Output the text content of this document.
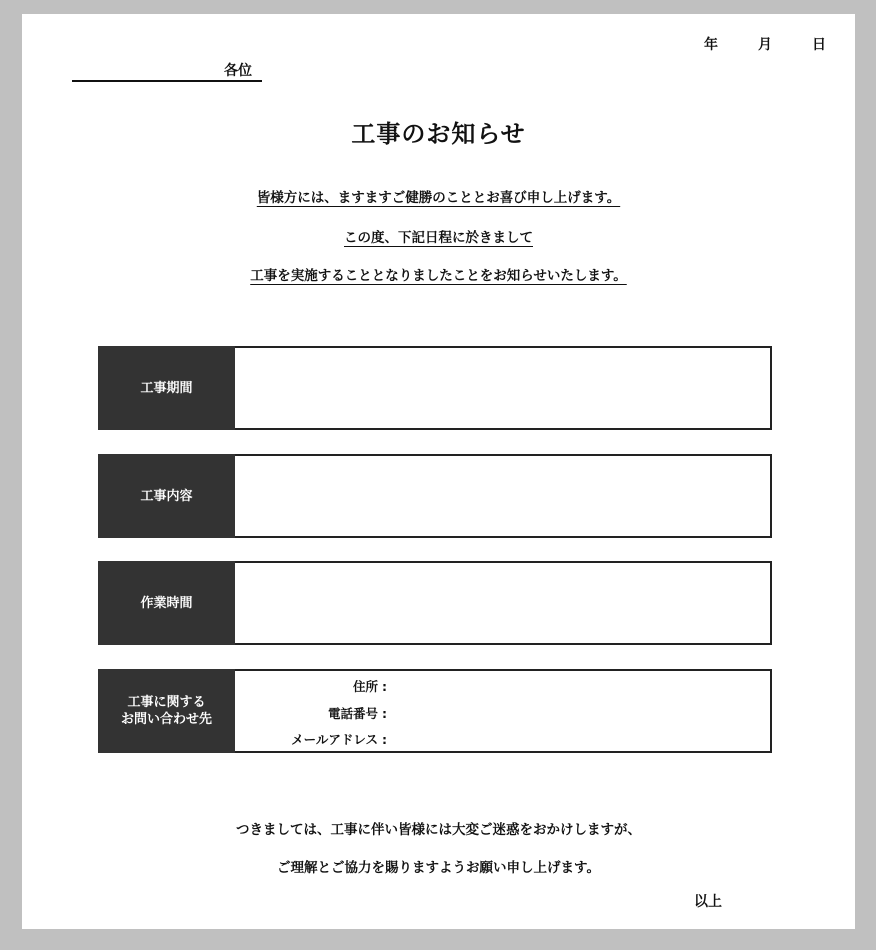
年	月	日
各位
工事のお知らせ
皆様方には、ますますご健勝のこととお喜び申し上げます。
この度、下記日程に於きまして
工事を実施することとなりましたことをお知らせいたします。
工事期間
工事内容
作業時間
工事に関する
お問い合わせ先
住所 :
電話番号 :
メールアドレス :
つきましては、工事に伴い皆様には大変ご迷惑をおかけしますが、
ご理解とご協力を賜りますようお願い申し上げます。
以上
